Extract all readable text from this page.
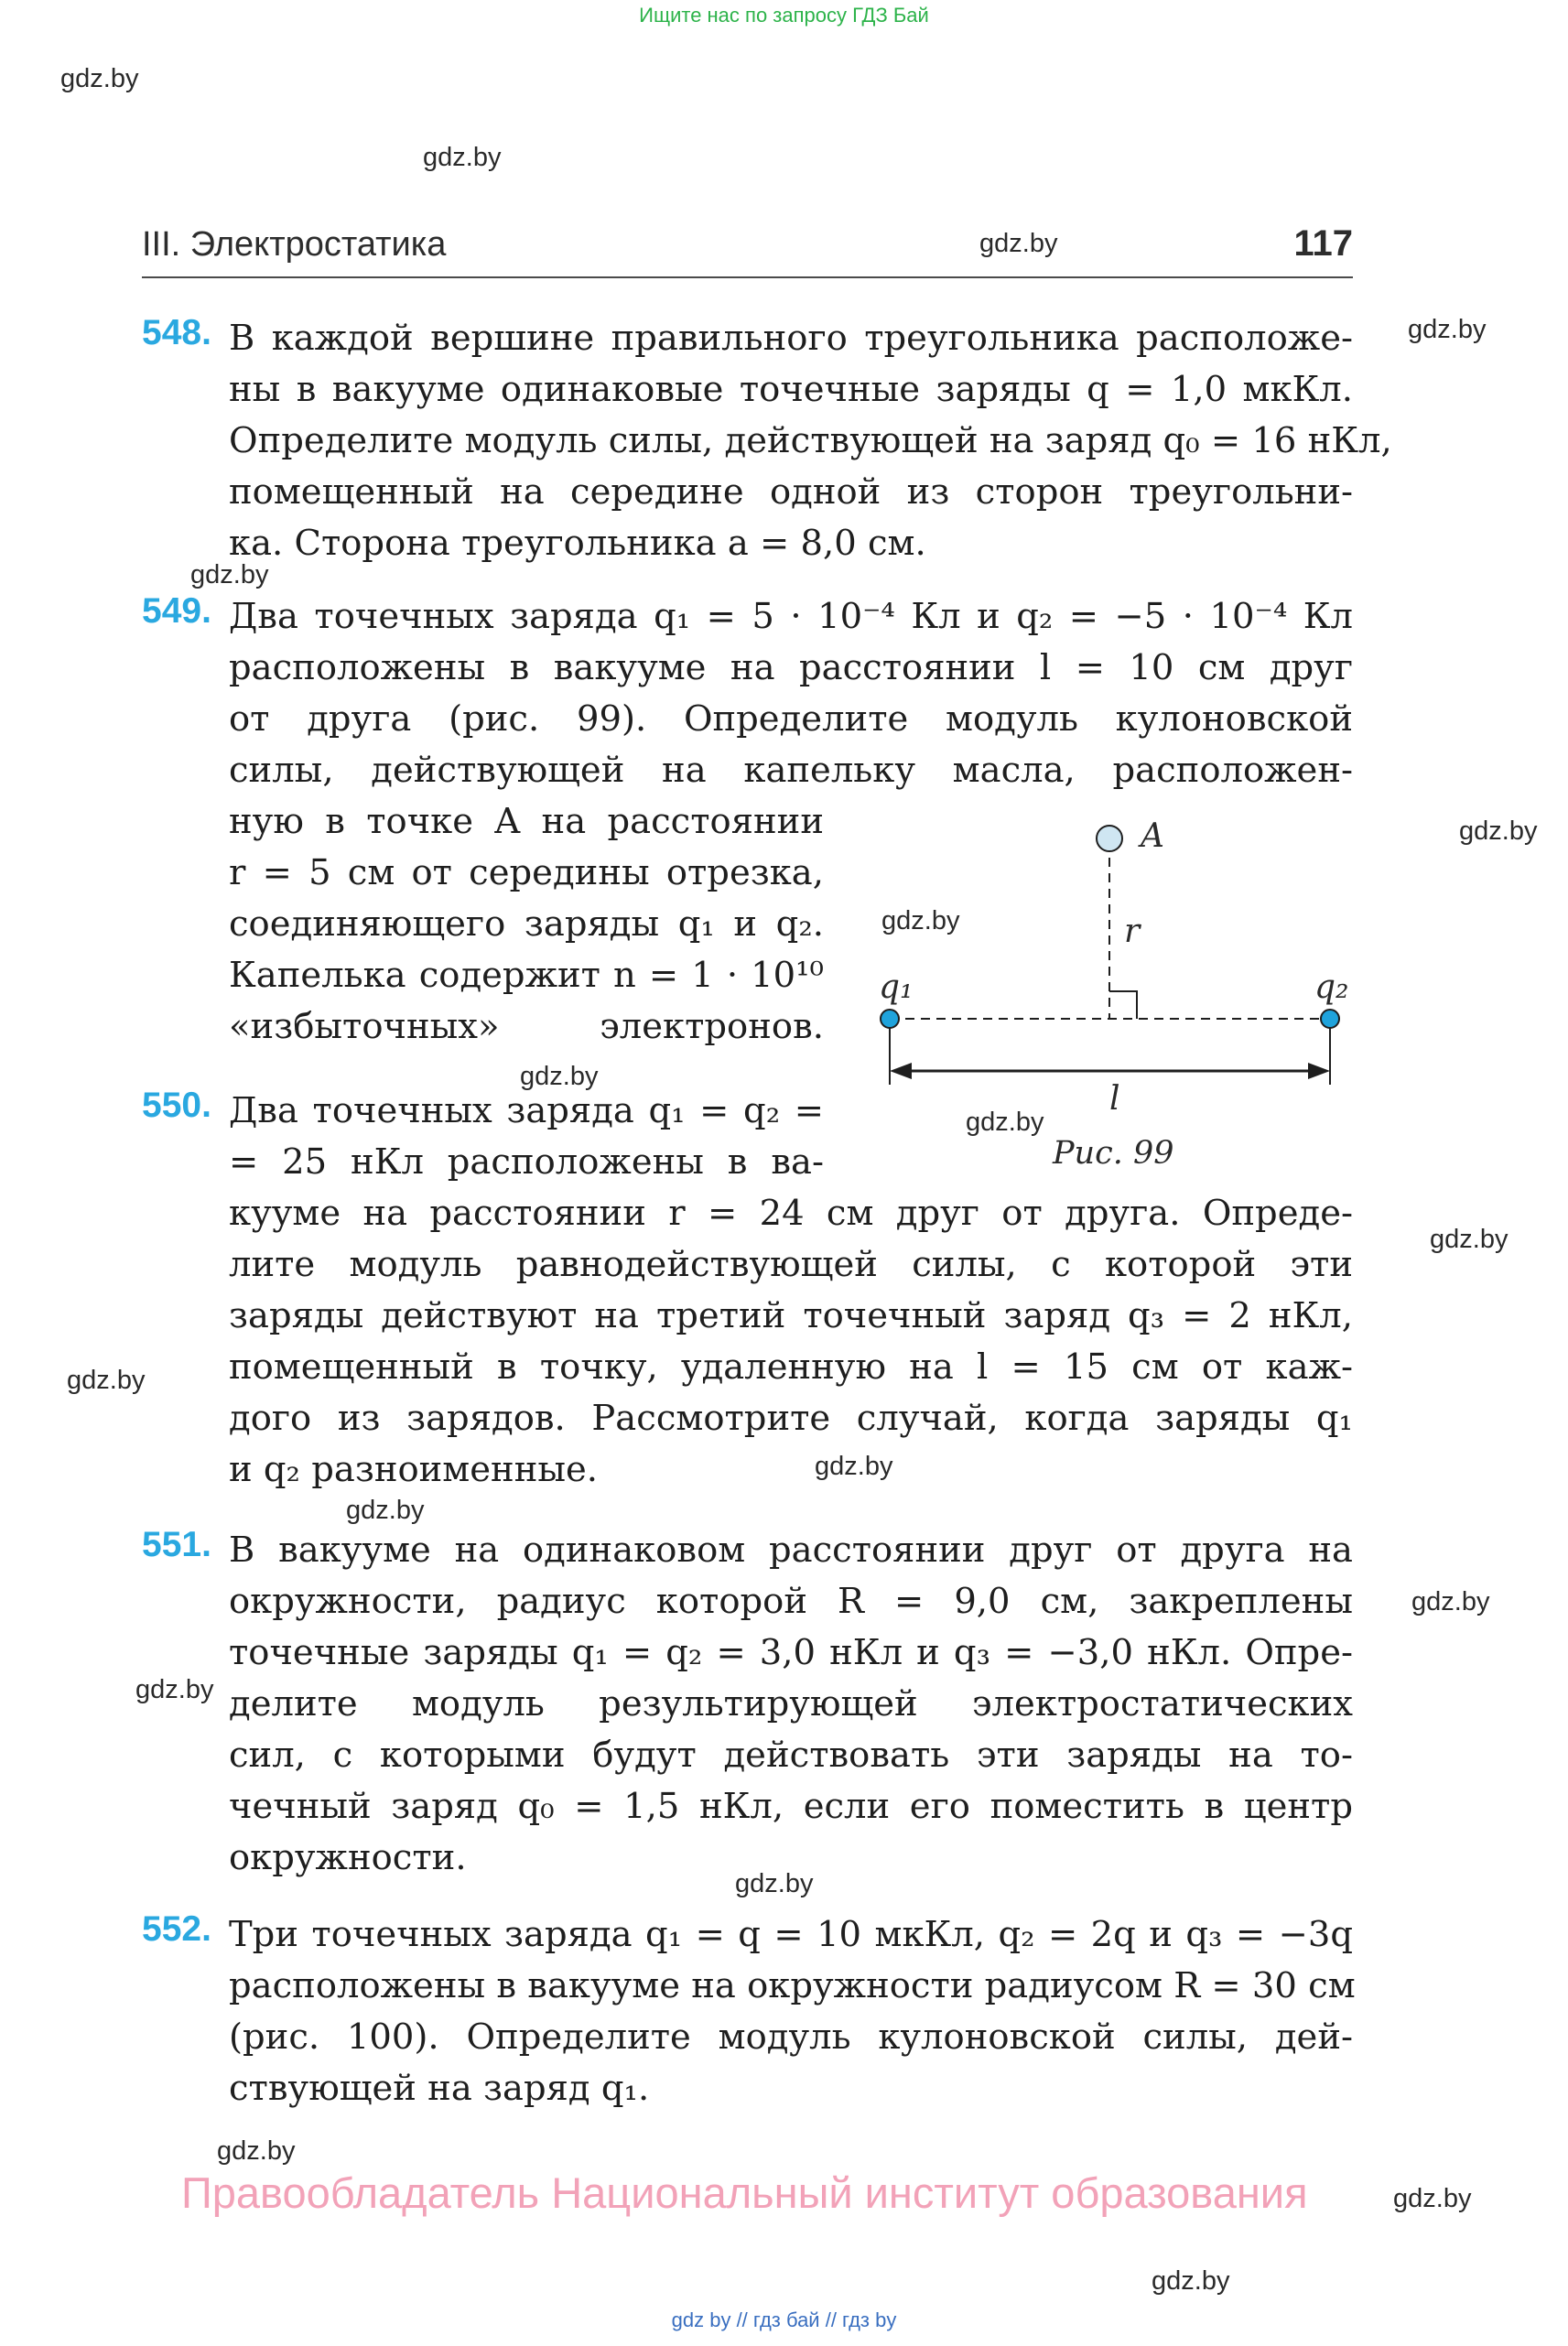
Ищите нас по запросу ГДЗ Бай
gdz.by
gdz.by
gdz.by
gdz.by
gdz.by
gdz.by
gdz.by
gdz.by
gdz.by
gdz.by
gdz.by
gdz.by
gdz.by
gdz.by
gdz.by
gdz.by
gdz.by
gdz.by
gdz.by
III. Электростатика	117
548. В каждой вершине правильного треугольника расположе-
ны в вакууме одинаковые точечные заряды q = 1,0 мкКл.
Определите модуль силы, действующей на заряд q₀ = 16 нКл,
помещенный на середине одной из сторон треугольни-
ка. Сторона треугольника a = 8,0 см.
549. Два точечных заряда q₁ = 5 · 10⁻⁴ Кл и q₂ = −5 · 10⁻⁴ Кл
расположены в вакууме на расстоянии l = 10 см друг
от друга (рис. 99). Определите модуль кулоновской
силы, действующей на капельку масла, расположен-
ную в точке A на расстоянии
r = 5 см от середины отрезка,
соединяющего заряды q₁ и q₂.
Капелька содержит n = 1 · 10¹⁰
«избыточных» электронов.
550. Два точечных заряда q₁ = q₂ =
= 25 нКл расположены в ва-
кууме на расстоянии r = 24 см друг от друга. Опреде-
лите модуль равнодействующей силы, с которой эти
заряды действуют на третий точечный заряд q₃ = 2 нКл,
помещенный в точку, удаленную на l = 15 см от каж-
дого из зарядов. Рассмотрите случай, когда заряды q₁
и q₂ разноименные.
551. В вакууме на одинаковом расстоянии друг от друга на
окружности, радиус которой R = 9,0 см, закреплены
точечные заряды q₁ = q₂ = 3,0 нКл и q₃ = −3,0 нКл. Опре-
делите модуль результирующей электростатических
сил, с которыми будут действовать эти заряды на то-
чечный заряд q₀ = 1,5 нКл, если его поместить в центр
окружности.
552. Три точечных заряда q₁ = q = 10 мкКл, q₂ = 2q и q₃ = −3q
расположены в вакууме на окружности радиусом R = 30 см
(рис. 100). Определите модуль кулоновской силы, дей-
ствующей на заряд q₁.
A
r
q₁	q₂
l
Рис. 99
Правообладатель Национальный институт образования
gdz by // гдз бай // гдз by
